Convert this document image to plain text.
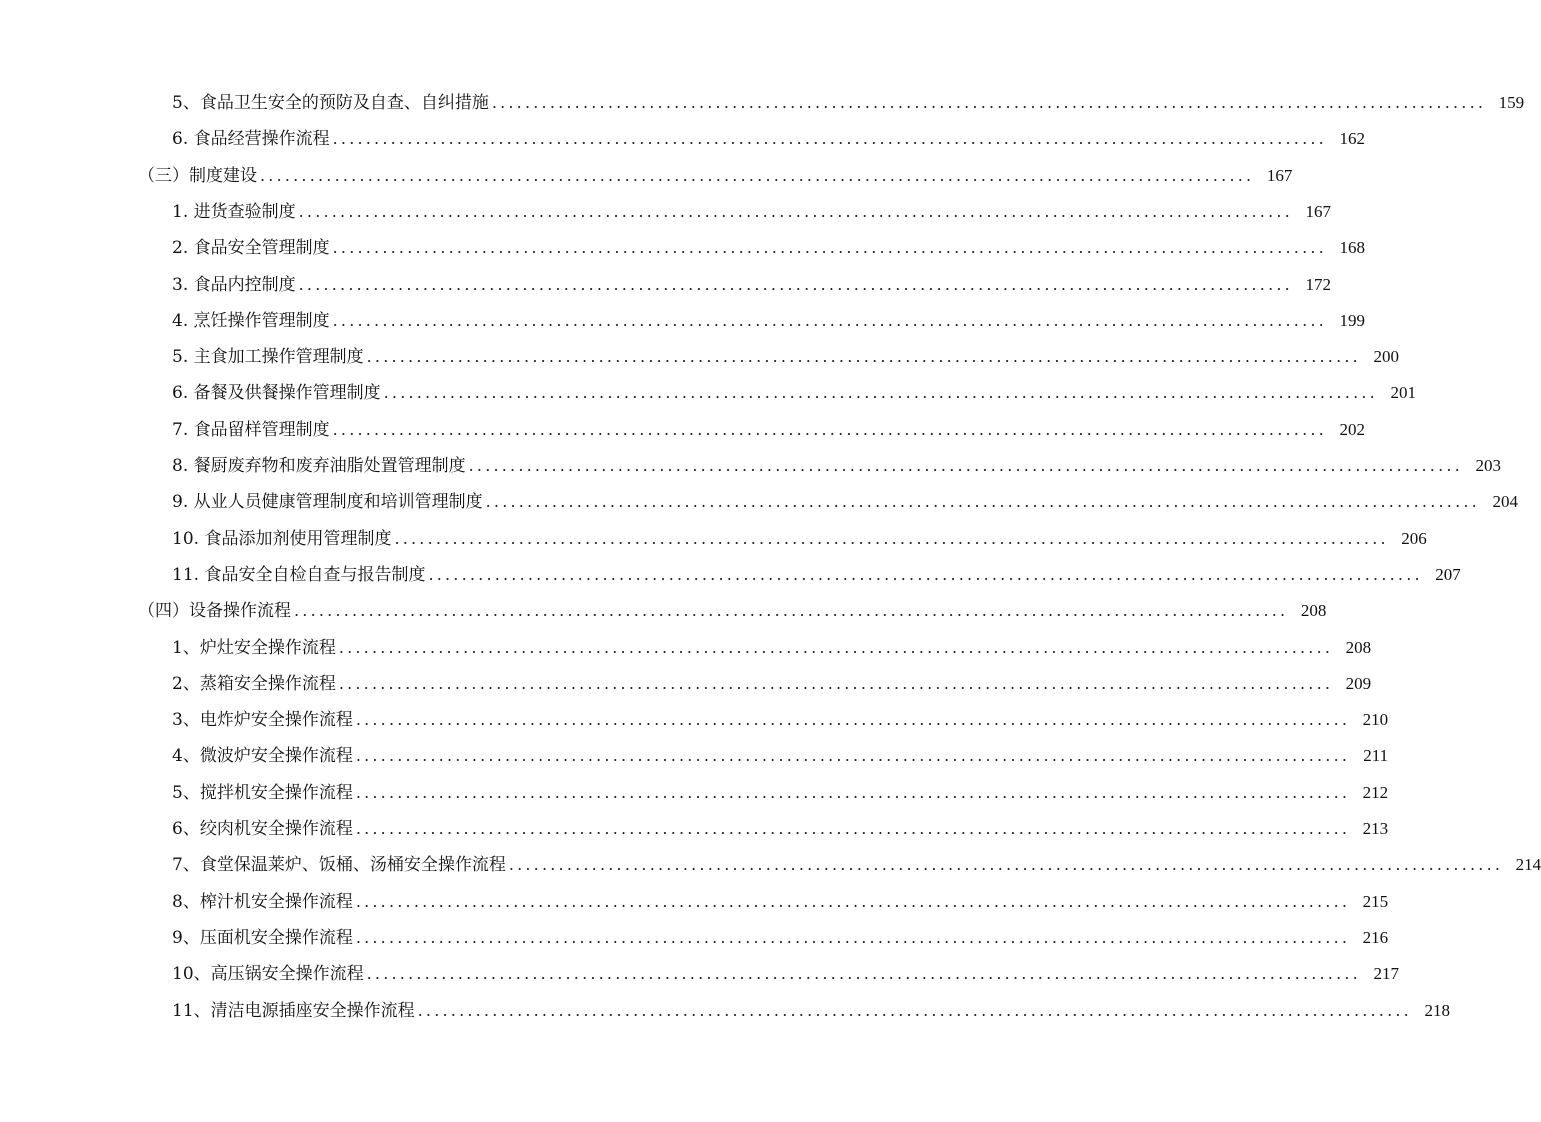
5、食品卫生安全的预防及自查、自纠措施 ........................................................................................................................ 159
6. 食品经营操作流程 ........................................................................................................................ 162
（三）制度建设 ........................................................................................................................ 167
1. 进货查验制度 ........................................................................................................................ 167
2. 食品安全管理制度 ........................................................................................................................ 168
3. 食品内控制度 ........................................................................................................................ 172
4. 烹饪操作管理制度 ........................................................................................................................ 199
5. 主食加工操作管理制度 ........................................................................................................................ 200
6. 备餐及供餐操作管理制度 ........................................................................................................................ 201
7. 食品留样管理制度 ........................................................................................................................ 202
8. 餐厨废弃物和废弃油脂处置管理制度 ........................................................................................................................ 203
9. 从业人员健康管理制度和培训管理制度 ........................................................................................................................ 204
10. 食品添加剂使用管理制度 ........................................................................................................................ 206
11. 食品安全自检自查与报告制度 ........................................................................................................................ 207
（四）设备操作流程 ........................................................................................................................ 208
1、炉灶安全操作流程 ........................................................................................................................ 208
2、蒸箱安全操作流程 ........................................................................................................................ 209
3、电炸炉安全操作流程 ........................................................................................................................ 210
4、微波炉安全操作流程 ........................................................................................................................ 211
5、搅拌机安全操作流程 ........................................................................................................................ 212
6、绞肉机安全操作流程 ........................................................................................................................ 213
7、食堂保温莱炉、饭桶、汤桶安全操作流程 ........................................................................................................................ 214
8、榨汁机安全操作流程 ........................................................................................................................ 215
9、压面机安全操作流程 ........................................................................................................................ 216
10、高压锅安全操作流程 ........................................................................................................................ 217
11、清洁电源插座安全操作流程 ........................................................................................................................ 218
